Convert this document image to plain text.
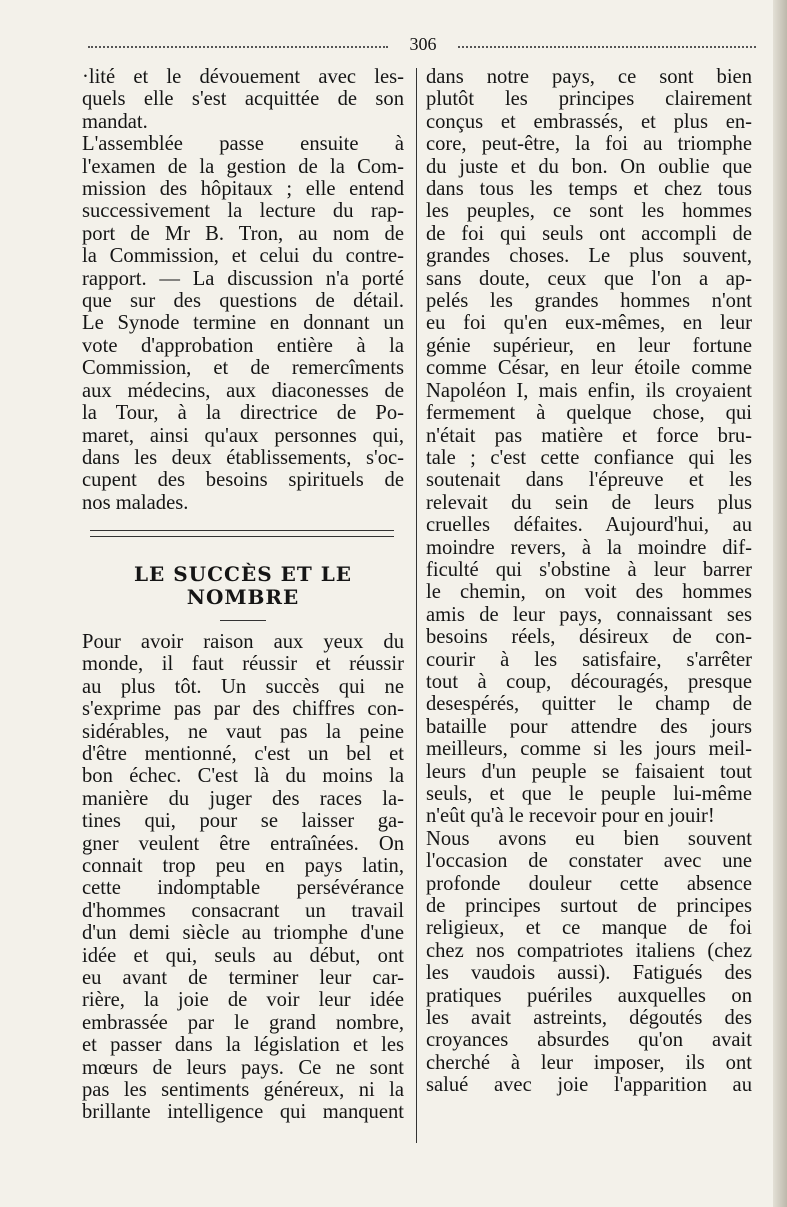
306
·lité et le dévouement avec les-
quels elle s'est acquittée de son
mandat.
L'assemblée passe ensuite à
l'examen de la gestion de la Com-
mission des hôpitaux ; elle entend
successivement la lecture du rap-
port de Mr B. Tron, au nom de
la Commission, et celui du contre-
rapport. — La discussion n'a porté
que sur des questions de détail.
Le Synode termine en donnant un
vote d'approbation entière à la
Commission, et de remercîments
aux médecins, aux diaconesses de
la Tour, à la directrice de Po-
maret, ainsi qu'aux personnes qui,
dans les deux établissements, s'oc-
cupent des besoins spirituels de
nos malades.
LE SUCCÈS ET LE NOMBRE
Pour avoir raison aux yeux du
monde, il faut réussir et réussir
au plus tôt. Un succès qui ne
s'exprime pas par des chiffres con-
sidérables, ne vaut pas la peine
d'être mentionné, c'est un bel et
bon échec. C'est là du moins la
manière du juger des races la-
tines qui, pour se laisser ga-
gner veulent être entraînées. On
connait trop peu en pays latin,
cette indomptable persévérance
d'hommes consacrant un travail
d'un demi siècle au triomphe d'une
idée et qui, seuls au début, ont
eu avant de terminer leur car-
rière, la joie de voir leur idée
embrassée par le grand nombre,
et passer dans la législation et les
mœurs de leurs pays. Ce ne sont
pas les sentiments généreux, ni la
brillante intelligence qui manquent
dans notre pays, ce sont bien
plutôt les principes clairement
conçus et embrassés, et plus en-
core, peut-être, la foi au triomphe
du juste et du bon. On oublie que
dans tous les temps et chez tous
les peuples, ce sont les hommes
de foi qui seuls ont accompli de
grandes choses. Le plus souvent,
sans doute, ceux que l'on a ap-
pelés les grandes hommes n'ont
eu foi qu'en eux-mêmes, en leur
génie supérieur, en leur fortune
comme César, en leur étoile comme
Napoléon I, mais enfin, ils croyaient
fermement à quelque chose, qui
n'était pas matière et force bru-
tale ; c'est cette confiance qui les
soutenait dans l'épreuve et les
relevait du sein de leurs plus
cruelles défaites. Aujourd'hui, au
moindre revers, à la moindre dif-
ficulté qui s'obstine à leur barrer
le chemin, on voit des hommes
amis de leur pays, connaissant ses
besoins réels, désireux de con-
courir à les satisfaire, s'arrêter
tout à coup, découragés, presque
desespérés, quitter le champ de
bataille pour attendre des jours
meilleurs, comme si les jours meil-
leurs d'un peuple se faisaient tout
seuls, et que le peuple lui-même
n'eût qu'à le recevoir pour en jouir!
Nous avons eu bien souvent
l'occasion de constater avec une
profonde douleur cette absence
de principes surtout de principes
religieux, et ce manque de foi
chez nos compatriotes italiens (chez
les vaudois aussi). Fatigués des
pratiques puériles auxquelles on
les avait astreints, dégoutés des
croyances absurdes qu'on avait
cherché à leur imposer, ils ont
salué avec joie l'apparition au
